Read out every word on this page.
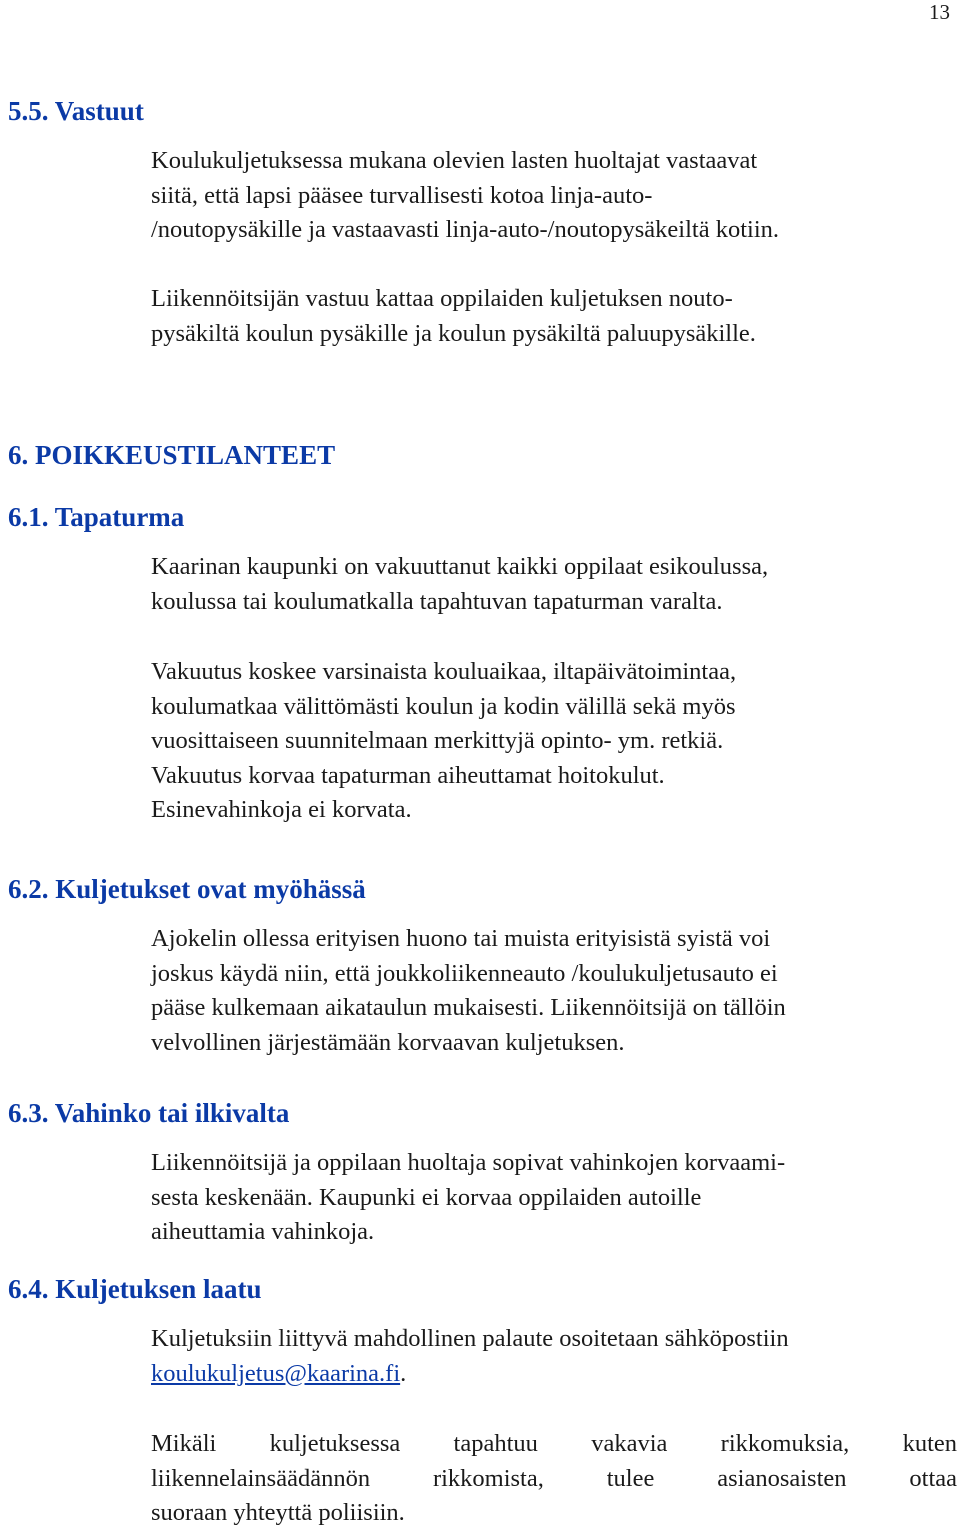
13
5.5. Vastuut

Koulukuljetuksessa mukana olevien lasten huoltajat vastaavat
siitä, että lapsi pääsee turvallisesti kotoa linja-auto-
/noutopysäkille ja vastaavasti linja-auto-/noutopysäkeiltä kotiin.

Liikennöitsijän vastuu kattaa oppilaiden kuljetuksen nouto-
pysäkiltä koulun pysäkille ja koulun pysäkiltä paluupysäkille.

6. POIKKEUSTILANTEET
6.1. Tapaturma

Kaarinan kaupunki on vakuuttanut kaikki oppilaat esikoulussa,
koulussa tai koulumatkalla tapahtuvan tapaturman varalta.

Vakuutus koskee varsinaista kouluaikaa, iltapäivätoimintaa,
koulumatkaa välittömästi koulun ja kodin välillä sekä myös
vuosittaiseen suunnitelmaan merkittyjä opinto- ym. retkiä.
Vakuutus korvaa tapaturman aiheuttamat hoitokulut.
Esinevahinkoja ei korvata.

6.2. Kuljetukset ovat myöhässä

Ajokelin ollessa erityisen huono tai muista erityisistä syistä voi
joskus käydä niin, että joukkoliikenneauto /koulukuljetusauto ei
pääse kulkemaan aikataulun mukaisesti. Liikennöitsijä on tällöin
velvollinen järjestämään korvaavan kuljetuksen.

6.3. Vahinko tai ilkivalta

Liikennöitsijä ja oppilaan huoltaja sopivat vahinkojen korvaami-
sesta keskenään. Kaupunki ei korvaa oppilaiden autoille
aiheuttamia vahinkoja.

6.4. Kuljetuksen laatu

Kuljetuksiin liittyvä mahdollinen palaute osoitetaan sähköpostiin
koulukuljetus@kaarina.fi.

Mikäli kuljetuksessa tapahtuu vakavia rikkomuksia, kuten
liikennelainsäädännön rikkomista, tulee asianosaisten ottaa
suoraan yhteyttä poliisiin.
